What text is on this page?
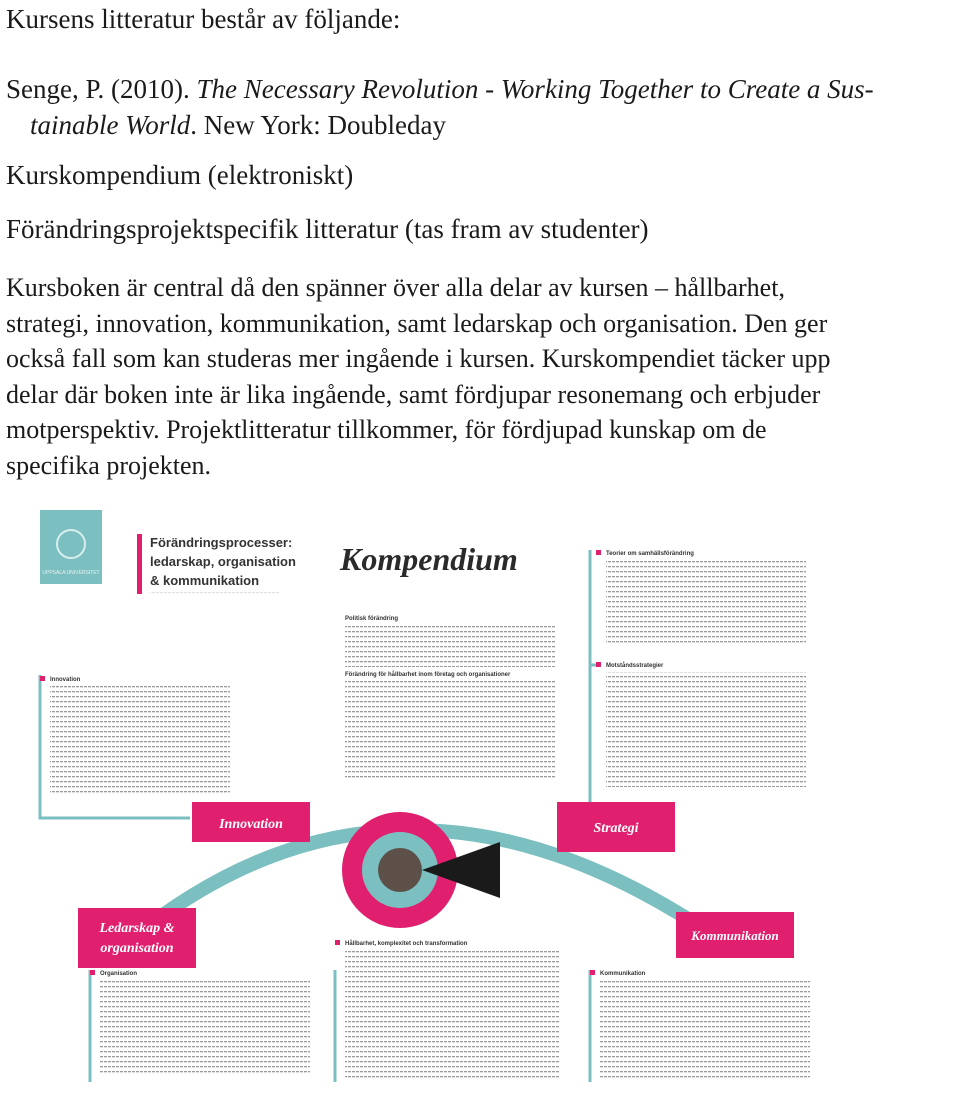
Kursens litteratur består av följande:
Senge, P. (2010). The Necessary Revolution - Working Together to Create a Sus-
tainable World. New York: Doubleday
Kurskompendium (elektroniskt)
Förändringsprojektspecifik litteratur (tas fram av studenter)
Kursboken är central då den spänner över alla delar av kursen – hållbarhet,
strategi, innovation, kommunikation, samt ledarskap och organisation. Den ger
också fall som kan studeras mer ingående i kursen. Kurskompendiet täcker upp
delar där boken inte är lika ingående, samt fördjupar resonemang och erbjuder
motperspektiv. Projektlitteratur tillkommer, för fördjupad kunskap om de
specifika projekten.
UPPSALA UNIVERSITET
Förändringsprocesser:
ledarskap, organisation
& kommunikation
Kompendium
Innovation	Strategi
Ledarskap &
organisation
Kommunikation
Innovation
Teorier om samhällsförändring
Motståndsstrategier
Organisation
Hållbarhet, komplexitet och transformation
Kommunikation
Politisk förändring
Förändring för hållbarhet inom företag och organisationer
